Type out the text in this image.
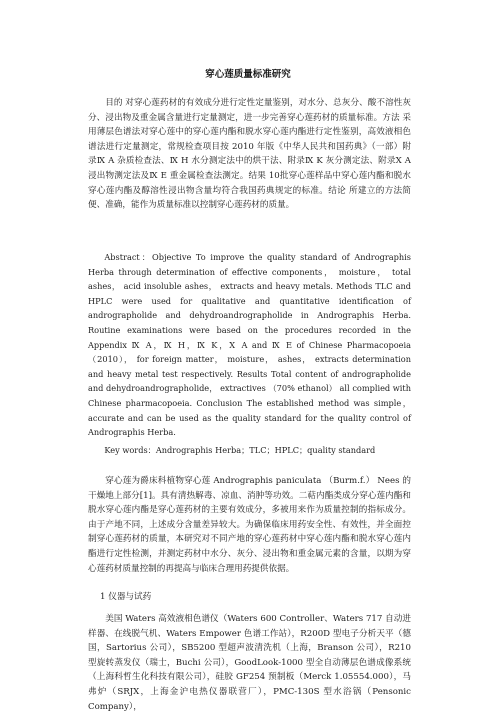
穿心莲质量标准研究

目的 对穿心莲药材的有效成分进行定性定量鉴别，对水分、总灰分、酸不溶性灰分、浸出物及重金属含量进行定量测定，进一步完善穿心莲药材的质量标准。方法 采用薄层色谱法对穿心莲中的穿心莲内酯和脱水穿心莲内酯进行定性鉴别，高效液相色谱法进行定量测定，常规检查项目按 2010 年版《中华人民共和国药典》（一部）附录Ⅸ A 杂质检查法、Ⅸ H 水分测定法中的烘干法、附录Ⅸ K 灰分测定法、附录Ⅹ A 浸出物测定法及Ⅸ E 重金属检查法测定。结果 10批穿心莲样品中穿心莲内酯和脱水穿心莲内酯及醇溶性浸出物含量均符合我国药典规定的标准。结论 所建立的方法简便、准确，能作为质量标准以控制穿心莲药材的质量。

Abstract：Objective To improve the quality standard of Andrographis Herba through determination of effective components， moisture， total ashes， acid insoluble ashes， extracts and heavy metals. Methods TLC and HPLC were used for qualitative and quantitative identification of andrographolide and dehydroandrographolide in Andrographis Herba. Routine examinations were based on the procedures recorded in the Appendix Ⅸ A，Ⅸ H，Ⅸ K，Ⅹ A and Ⅸ E of Chinese Pharmacopoeia （2010）， for foreign matter， moisture， ashes， extracts determination and heavy metal test respectively. Results Total content of andrographolide and dehydroandrographolide， extractives （70% ethanol） all complied with Chinese pharmacopoeia. Conclusion The established method was simple， accurate and can be used as the quality standard for the quality control of Andrographis Herba.

Key words：Andrographis Herba；TLC；HPLC；quality standard

穿心莲为爵床科植物穿心莲 Andrographis paniculata （Burm.f.） Nees 的干燥地上部分[1]。具有清热解毒、凉血、消肿等功效。二萜内酯类成分穿心莲内酯和脱水穿心莲内酯是穿心莲药材的主要有效成分，多被用来作为质量控制的指标成分。由于产地不同，上述成分含量差异较大。为确保临床用药安全性、有效性，并全面控制穿心莲药材的质量，本研究对不同产地的穿心莲药材中穿心莲内酯和脱水穿心莲内酯进行定性检测，并测定药材中水分、灰分、浸出物和重金属元素的含量，以期为穿心莲药材质量控制的再提高与临床合理用药提供依据。

1 仪器与试药

美国 Waters 高效液相色谱仪（Waters 600 Controller、Waters 717 自动进样器、在线脱气机、Waters Empower 色谱工作站），R200D 型电子分析天平（德国，Sartorius 公司），SB5200 型超声波清洗机（上海，Branson 公司），R210 型旋转蒸发仪（瑞士，Buchi 公司），GoodLook-1000 型全自动薄层色谱成像系统（上海科哲生化科技有限公司），硅胶 GF254 预制板（Merck 1.05554.000），马弗炉（SRJX，上海金沪电热仪器联营厂），PMC-130S 型水浴锅（Pensonic Company），
